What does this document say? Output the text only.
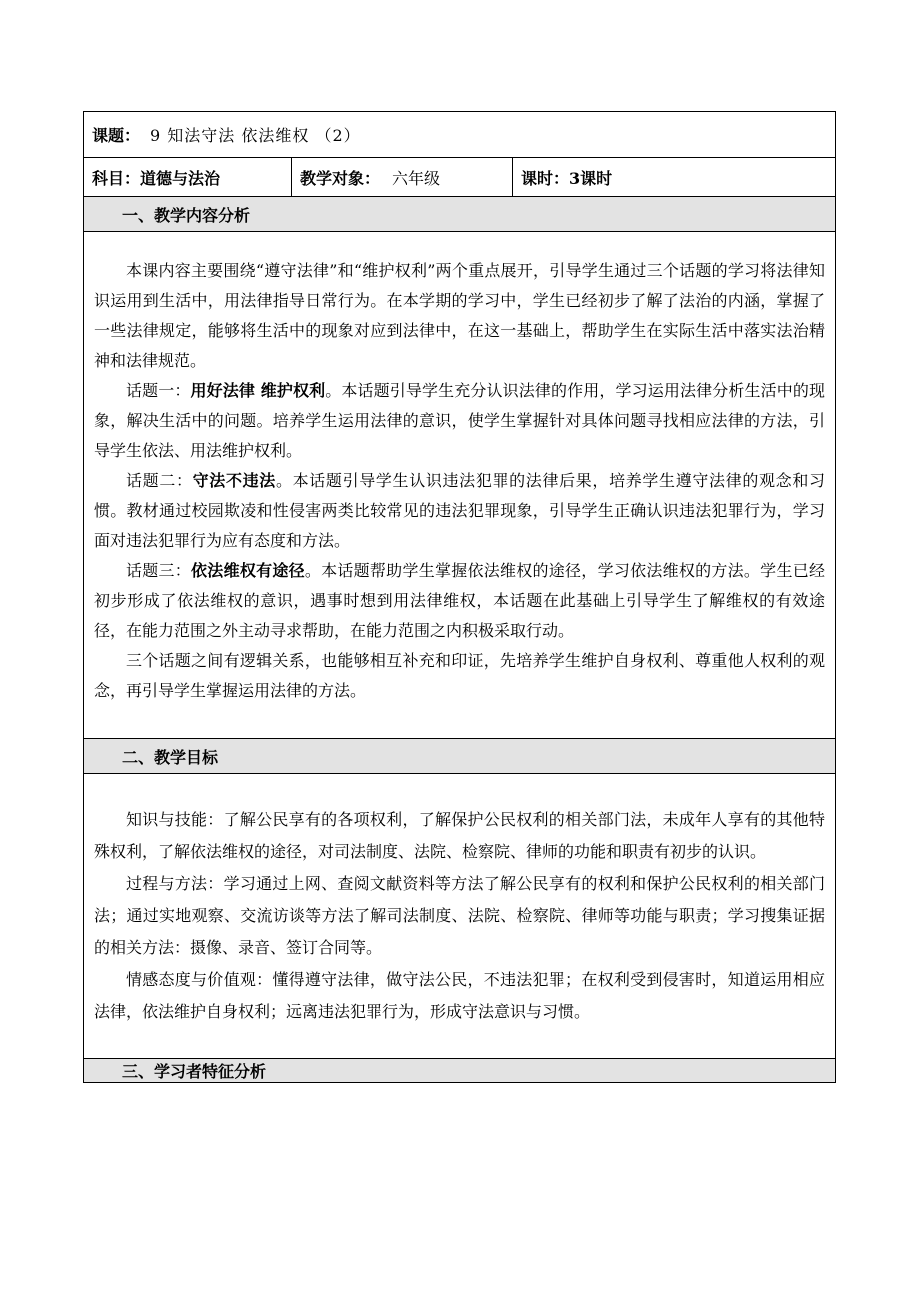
课题： 9 知法守法 依法维权 （2）
科目：道德与法治	教学对象： 六年级	课时：3课时
一、教学内容分析

本课内容主要围绕“遵守法律”和“维护权利”两个重点展开，引导学生通过三个话题的学习将法律知识运用到生活中，用法律指导日常行为。在本学期的学习中，学生已经初步了解了法治的内涵，掌握了一些法律规定，能够将生活中的现象对应到法律中，在这一基础上，帮助学生在实际生活中落实法治精神和法律规范。

话题一：用好法律 维护权利。本话题引导学生充分认识法律的作用，学习运用法律分析生活中的现象，解决生活中的问题。培养学生运用法律的意识，使学生掌握针对具体问题寻找相应法律的方法，引导学生依法、用法维护权利。

话题二：守法不违法。本话题引导学生认识违法犯罪的法律后果，培养学生遵守法律的观念和习惯。教材通过校园欺凌和性侵害两类比较常见的违法犯罪现象，引导学生正确认识违法犯罪行为，学习面对违法犯罪行为应有态度和方法。

话题三：依法维权有途径。本话题帮助学生掌握依法维权的途径，学习依法维权的方法。学生已经初步形成了依法维权的意识，遇事时想到用法律维权，本话题在此基础上引导学生了解维权的有效途径，在能力范围之外主动寻求帮助，在能力范围之内积极采取行动。

三个话题之间有逻辑关系，也能够相互补充和印证，先培养学生维护自身权利、尊重他人权利的观念，再引导学生掌握运用法律的方法。

二、教学目标

知识与技能：了解公民享有的各项权利，了解保护公民权利的相关部门法，未成年人享有的其他特殊权利，了解依法维权的途径，对司法制度、法院、检察院、律师的功能和职责有初步的认识。

过程与方法：学习通过上网、查阅文献资料等方法了解公民享有的权利和保护公民权利的相关部门法；通过实地观察、交流访谈等方法了解司法制度、法院、检察院、律师等功能与职责；学习搜集证据的相关方法：摄像、录音、签订合同等。

情感态度与价值观：懂得遵守法律，做守法公民，不违法犯罪；在权利受到侵害时，知道运用相应法律，依法维护自身权利；远离违法犯罪行为，形成守法意识与习惯。

三、学习者特征分析
